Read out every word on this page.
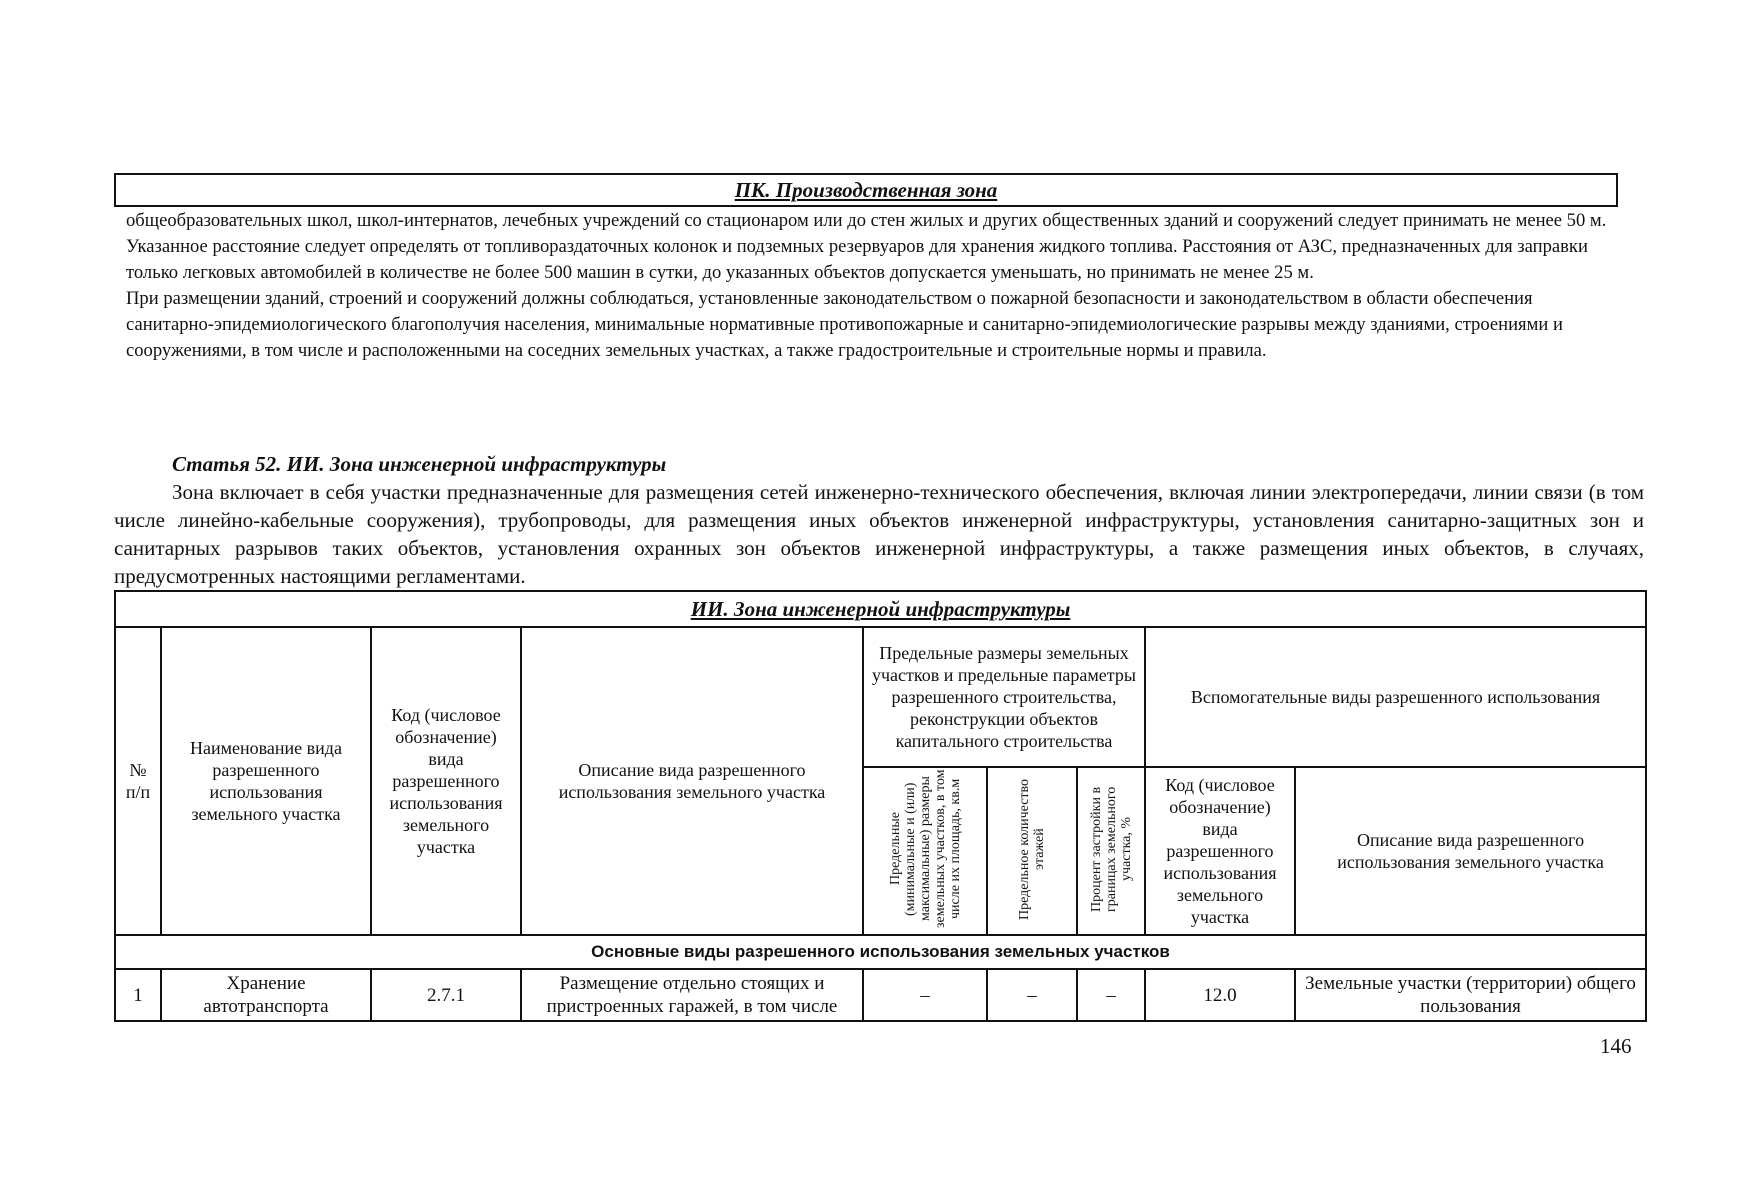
ПК. Производственная зона

общеобразовательных школ, школ-интернатов, лечебных учреждений со стационаром или до стен жилых и других общественных зданий и сооружений следует принимать не менее 50 м. Указанное расстояние следует определять от топливораздаточных колонок и подземных резервуаров для хранения жидкого топлива. Расстояния от АЗС, предназначенных для заправки только легковых автомобилей в количестве не более 500 машин в сутки, до указанных объектов допускается уменьшать, но принимать не менее 25 м.

При размещении зданий, строений и сооружений должны соблюдаться, установленные законодательством о пожарной безопасности и законодательством в области обеспечения санитарно-эпидемиологического благополучия населения, минимальные нормативные противопожарные и санитарно-эпидемиологические разрывы между зданиями, строениями и сооружениями, в том числе и расположенными на соседних земельных участках, а также градостроительные и строительные нормы и правила.

Статья 52. ИИ. Зона инженерной инфраструктуры

Зона включает в себя участки предназначенные для размещения сетей инженерно-технического обеспечения, включая линии электропередачи, линии связи (в том числе линейно-кабельные сооружения), трубопроводы, для размещения иных объектов инженерной инфраструктуры, установления санитарно-защитных зон и санитарных разрывов таких объектов, установления охранных зон объектов инженерной инфраструктуры, а также размещения иных объектов, в случаях, предусмотренных настоящими регламентами.

ИИ. Зона инженерной инфраструктуры								
№ п/п	Наименование вида разрешенного использования земельного участка	Код (числовое обозначение) вида разрешенного использования земельного участка	Описание вида разрешенного использования земельного участка	Предельные размеры земельных участков и предельные параметры разрешенного строительства, реконструкции объектов капитального строительства			Вспомогательные виды разрешенного использования	
				Предельные (минимальные и (или) максимальные) размеры земельных участков, в том числе их площадь, кв.м	Предельное количество этажей	Процент застройки в границах земельного участка, %	Код (числовое обозначение) вида разрешенного использования земельного участка	Описание вида разрешенного использования земельного участка
Основные виды разрешенного использования земельных участков								
1	Хранение автотранспорта	2.7.1	Размещение отдельно стоящих и пристроенных гаражей, в том числе	–	–	–	12.0	Земельные участки (территории) общего пользования

146
